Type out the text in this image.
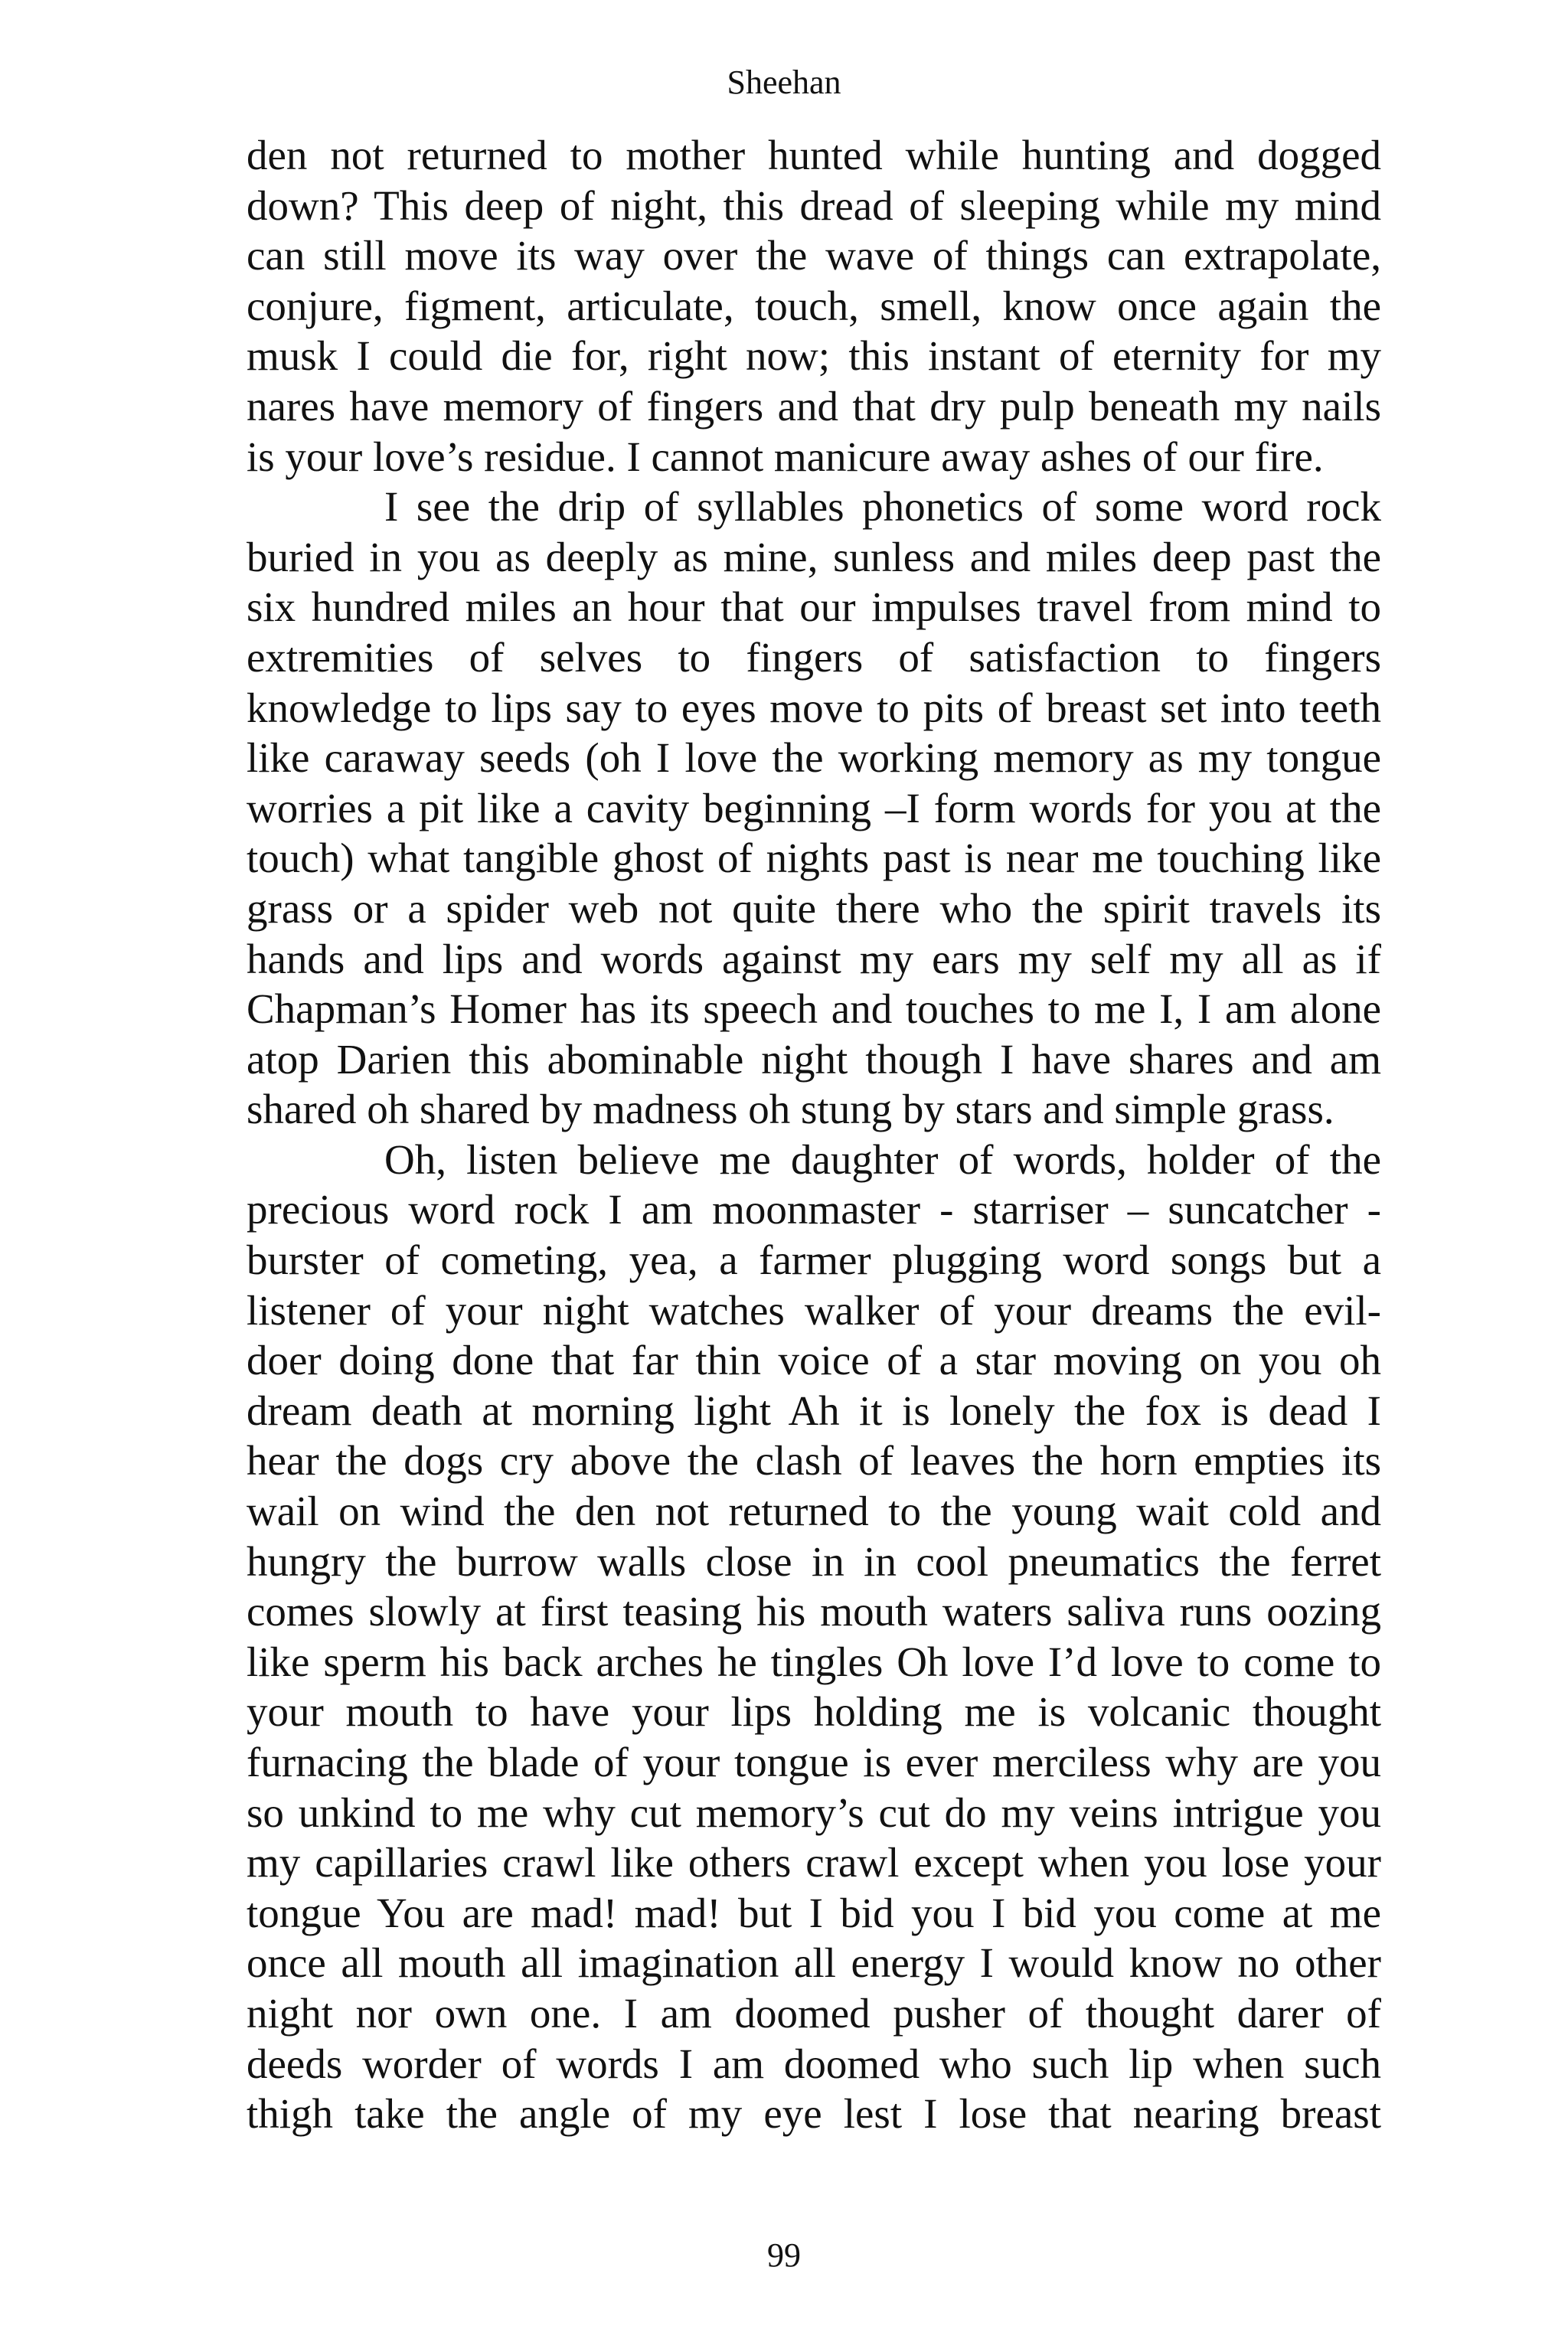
Sheehan
den not returned to mother hunted while hunting and dogged
down? This deep of night, this dread of sleeping while my mind
can still move its way over the wave of things can extrapolate,
conjure, figment, articulate, touch, smell, know once again the
musk I could die for, right now; this instant of eternity for my
nares have memory of fingers and that dry pulp beneath my nails
is your love’s residue. I cannot manicure away ashes of our fire.
I see the drip of syllables phonetics of some word rock
buried in you as deeply as mine, sunless and miles deep past the
six hundred miles an hour that our impulses travel from mind to
extremities of selves to fingers of satisfaction to fingers
knowledge to lips say to eyes move to pits of breast set into teeth
like caraway seeds (oh I love the working memory as my tongue
worries a pit like a cavity beginning –I form words for you at the
touch) what tangible ghost of nights past is near me touching like
grass or a spider web not quite there who the spirit travels its
hands and lips and words against my ears my self my all as if
Chapman’s Homer has its speech and touches to me I, I am alone
atop Darien this abominable night though I have shares and am
shared oh shared by madness oh stung by stars and simple grass.
Oh, listen believe me daughter of words, holder of the
precious word rock I am moonmaster - starriser – suncatcher -
burster of cometing, yea, a farmer plugging word songs but a
listener of your night watches walker of your dreams the evil-
doer doing done that far thin voice of a star moving on you oh
dream death at morning light Ah it is lonely the fox is dead I
hear the dogs cry above the clash of leaves the horn empties its
wail on wind the den not returned to the young wait cold and
hungry the burrow walls close in in cool pneumatics the ferret
comes slowly at first teasing his mouth waters saliva runs oozing
like sperm his back arches he tingles Oh love I’d love to come to
your mouth to have your lips holding me is volcanic thought
furnacing the blade of your tongue is ever merciless why are you
so unkind to me why cut memory’s cut do my veins intrigue you
my capillaries crawl like others crawl except when you lose your
tongue You are mad! mad! but I bid you I bid you come at me
once all mouth all imagination all energy I would know no other
night nor own one. I am doomed pusher of thought darer of
deeds worder of words I am doomed who such lip when such
thigh take the angle of my eye lest I lose that nearing breast
99
